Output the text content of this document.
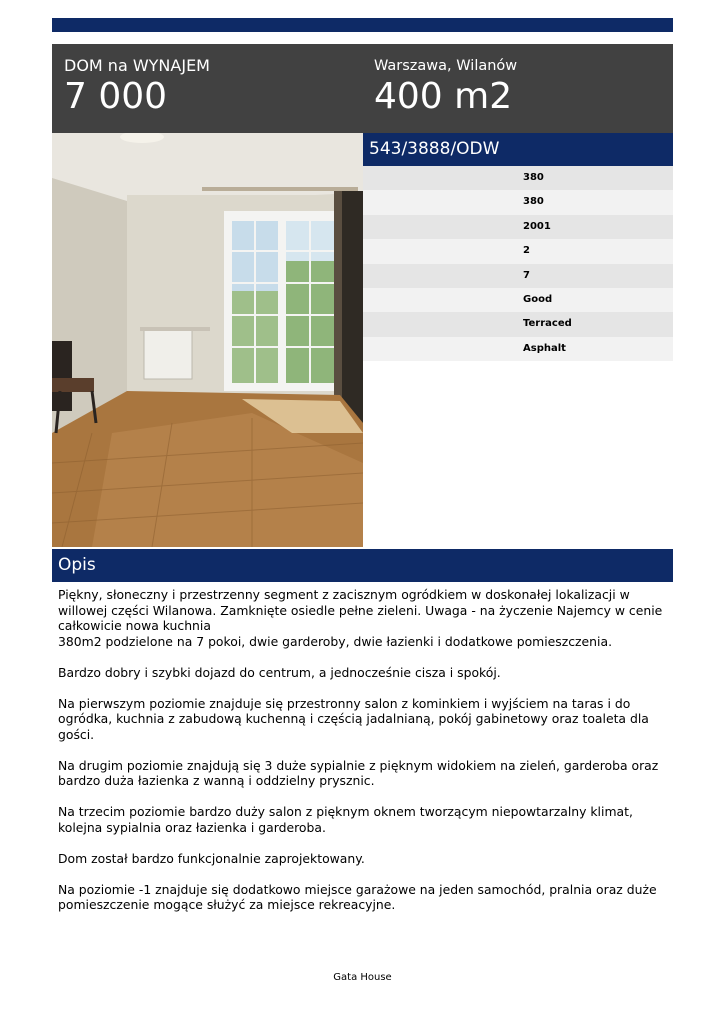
DOM na WYNAJEM
7 000
Warszawa, Wilanów
400 m2
543/3888/ODW
380
380
2001
2
7
Good
Terraced
Asphalt
Opis

Piękny, słoneczny i przestrzenny segment z zacisznym ogródkiem w doskonałej lokalizacji w willowej części Wilanowa. Zamknięte osiedle pełne zieleni. Uwaga - na życzenie Najemcy w cenie całkowicie nowa kuchnia
380m2 podzielone na 7 pokoi, dwie garderoby, dwie łazienki i dodatkowe pomieszczenia.

Bardzo dobry i szybki dojazd do centrum, a jednocześnie cisza i spokój.

Na pierwszym poziomie znajduje się przestronny salon z kominkiem i wyjściem na taras i do ogródka, kuchnia z zabudową kuchenną i częścią jadalnianą, pokój gabinetowy oraz toaleta dla gości.

Na drugim poziomie znajdują się 3 duże sypialnie z pięknym widokiem na zieleń, garderoba oraz bardzo duża łazienka z wanną i oddzielny prysznic.

Na trzecim poziomie bardzo duży salon z pięknym oknem tworzącym niepowtarzalny klimat, kolejna sypialnia oraz łazienka i garderoba.

Dom został bardzo funkcjonalnie zaprojektowany.

Na poziomie -1 znajduje się dodatkowo miejsce garażowe na jeden samochód, pralnia oraz duże pomieszczenie mogące służyć za miejsce rekreacyjne.

Gata House
